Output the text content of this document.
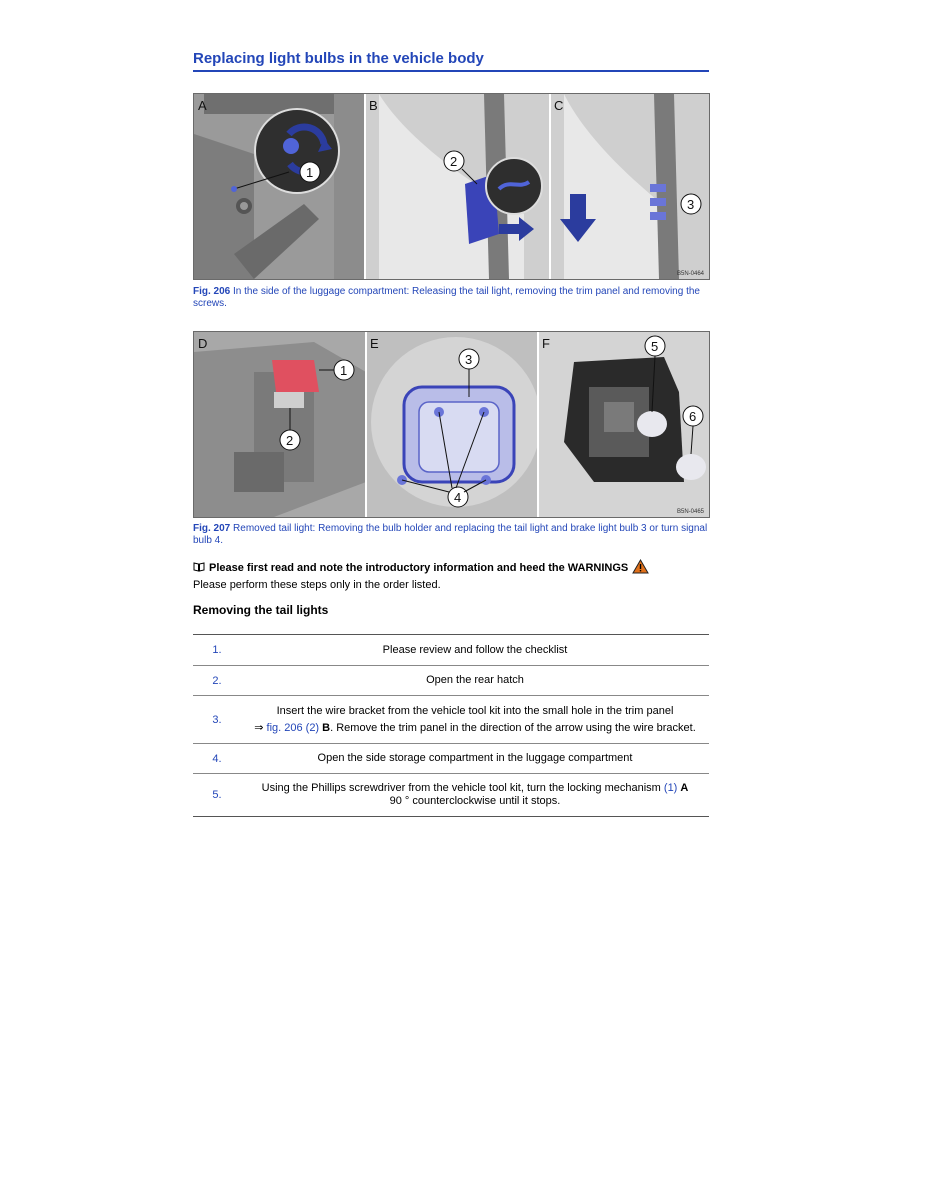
Replacing light bulbs in the vehicle body
1
A
2
B
3
C
B5N-0464
Fig. 206 In the side of the luggage compartment: Releasing the tail light, removing the trim panel and removing the screws.
1
2
D
3
4
E	5
6
F
B5N-0465
Fig. 207 Removed tail light: Removing the bulb holder and replacing the tail light and brake light bulb 3 or turn signal bulb 4.
Please first read and note the introductory information and heed the WARNINGS
Please perform these steps only in the order listed.
Removing the tail lights
1.	Please review and follow the checklist
2.	Open the rear hatch
3.	Insert the wire bracket from the vehicle tool kit into the small hole in the trim panel
⇒ fig. 206 (2) B. Remove the trim panel in the direction of the arrow using the wire bracket.
4.	Open the side storage compartment in the luggage compartment
5.	Using the Phillips screwdriver from the vehicle tool kit, turn the locking mechanism (1) A
90 ° counterclockwise until it stops.
